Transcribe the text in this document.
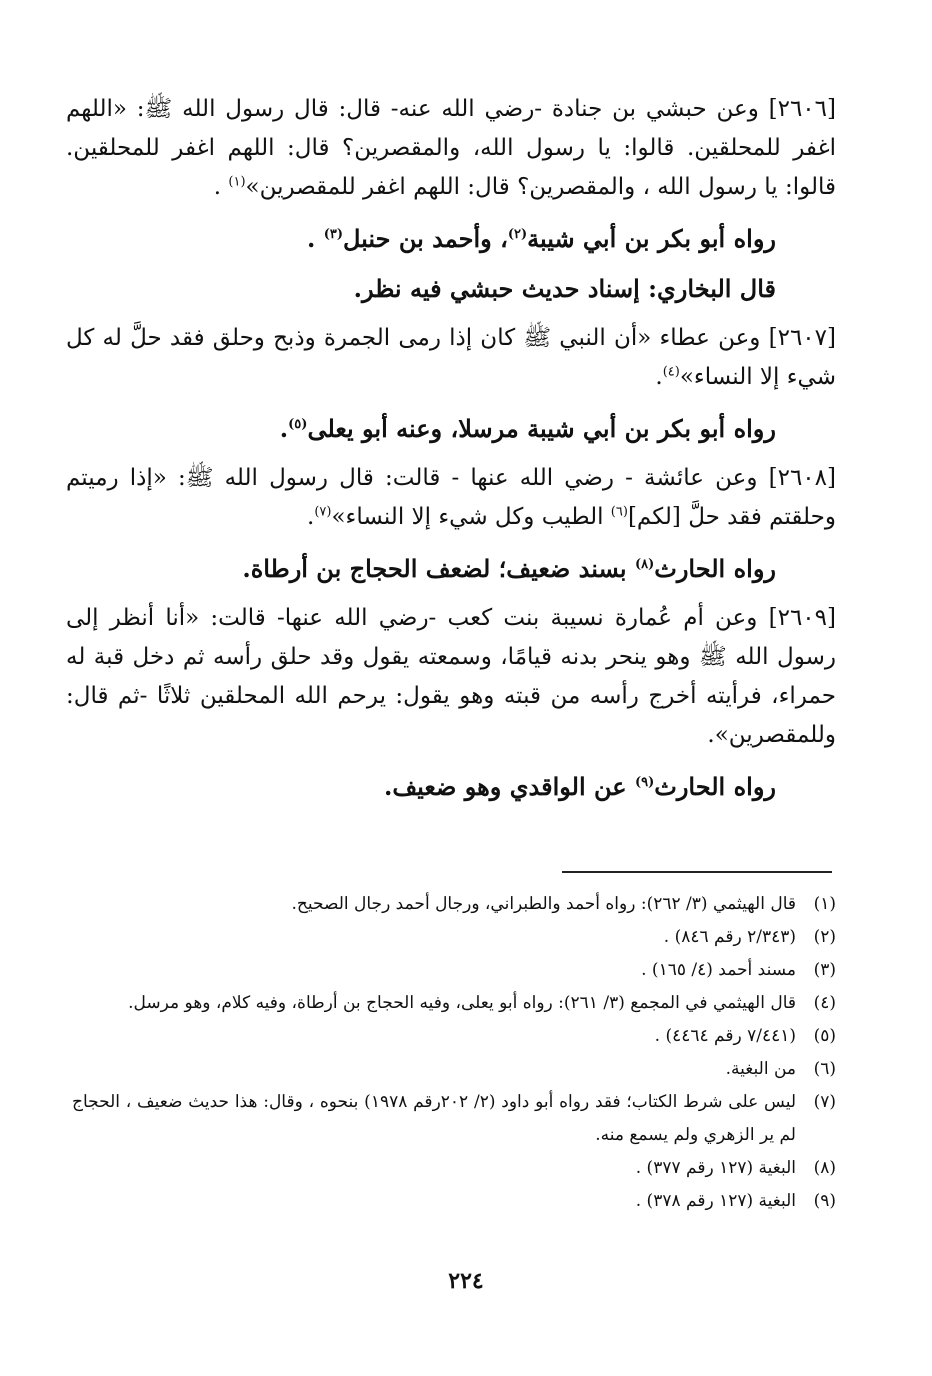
[٢٦٠٦] وعن حبشي بن جنادة -رضي الله عنه- قال: قال رسول الله ﷺ: «اللهم اغفر للمحلقين. قالوا: يا رسول الله، والمقصرين؟ قال: اللهم اغفر للمحلقين. قالوا: يا رسول الله ، والمقصرين؟ قال: اللهم اغفر للمقصرين»$^{(١)}$ .

رواه أبو بكر بن أبي شيبة$^{(٢)}$، وأحمد بن حنبل$^{(٣)}$ .

قال البخاري: إسناد حديث حبشي فيه نظر.

[٢٦٠٧] وعن عطاء «أن النبي ﷺ كان إذا رمى الجمرة وذبح وحلق فقد حلَّ له كل شيء إلا النساء»$^{(٤)}$.

رواه أبو بكر بن أبي شيبة مرسلا، وعنه أبو يعلى$^{(٥)}$.

[٢٦٠٨] وعن عائشة - رضي الله عنها - قالت: قال رسول الله ﷺ: «إذا رميتم وحلقتم فقد حلَّ [لكم]$^{(٦)}$ الطيب وكل شيء إلا النساء»$^{(٧)}$.

رواه الحارث$^{(٨)}$ بسند ضعيف؛ لضعف الحجاج بن أرطاة.

[٢٦٠٩] وعن أم عُمارة نسيبة بنت كعب -رضي الله عنها- قالت: «أنا أنظر إلى رسول الله ﷺ وهو ينحر بدنه قيامًا، وسمعته يقول وقد حلق رأسه ثم دخل قبة له حمراء، فرأيته أخرج رأسه من قبته وهو يقول: يرحم الله المحلقين ثلاثًا -ثم قال: وللمقصرين».

رواه الحارث$^{(٩)}$ عن الواقدي وهو ضعيف.

(١)
قال الهيثمي (٣/ ٢٦٢): رواه أحمد والطبراني، ورجال أحمد رجال الصحيح.

(٢)
(٢/٣٤٣ رقم ٨٤٦) .

(٣)
مسند أحمد (٤/ ١٦٥) .

(٤)
قال الهيثمي في المجمع (٣/ ٢٦١): رواه أبو يعلى، وفيه الحجاج بن أرطاة، وفيه كلام، وهو مرسل.

(٥)
(٧/٤٤١ رقم ٤٤٦٤) .

(٦)
من البغية.

(٧)
ليس على شرط الكتاب؛ فقد رواه أبو داود (٢/ ٢٠٢رقم ١٩٧٨) بنحوه ، وقال: هذا حديث ضعيف ، الحجاج لم ير الزهري ولم يسمع منه.

(٨)
البغية (١٢٧ رقم ٣٧٧) .

(٩)
البغية (١٢٧ رقم ٣٧٨) .

٢٢٤
